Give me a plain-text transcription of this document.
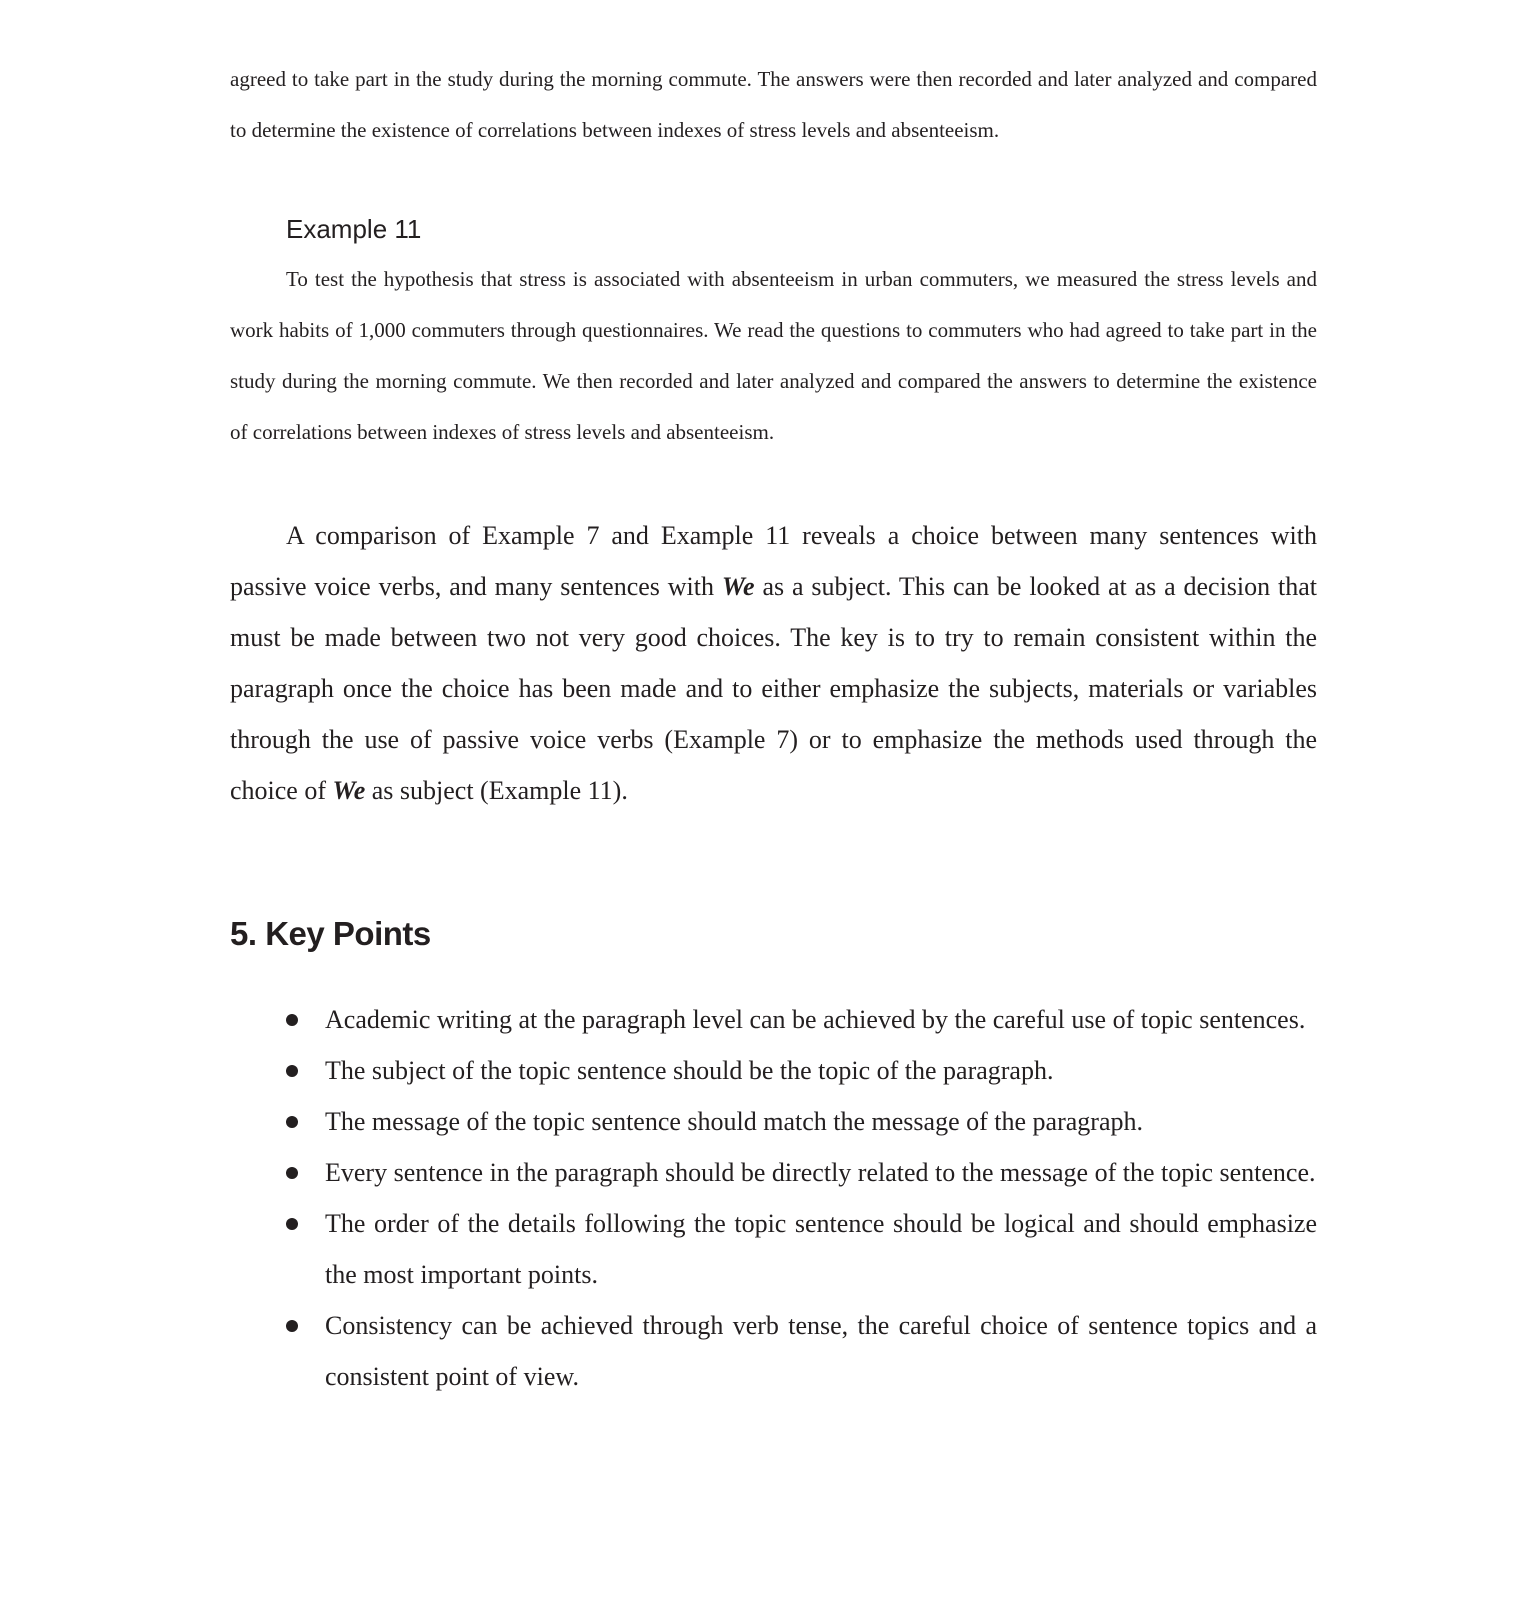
agreed to take part in the study during the morning commute. The answers were then recorded and later analyzed and compared to determine the existence of correlations between indexes of stress levels and absenteeism.

Example 11

To test the hypothesis that stress is associated with absenteeism in urban commuters, we measured the stress levels and work habits of 1,000 commuters through questionnaires. We read the questions to commuters who had agreed to take part in the study during the morning commute. We then recorded and later analyzed and compared the answers to determine the existence of correlations between indexes of stress levels and absenteeism.

A comparison of Example 7 and Example 11 reveals a choice between many sentences with passive voice verbs, and many sentences with We as a subject. This can be looked at as a decision that must be made between two not very good choices. The key is to try to remain consistent within the paragraph once the choice has been made and to either emphasize the subjects, materials or variables through the use of passive voice verbs (Example 7) or to emphasize the methods used through the choice of We as subject (Example 11).

5. Key Points
Academic writing at the paragraph level can be achieved by the careful use of topic sentences.
The subject of the topic sentence should be the topic of the paragraph.
The message of the topic sentence should match the message of the paragraph.
Every sentence in the paragraph should be directly related to the message of the topic sentence.
The order of the details following the topic sentence should be logical and should emphasize the most important points.
Consistency can be achieved through verb tense, the careful choice of sentence topics and a consistent point of view.
